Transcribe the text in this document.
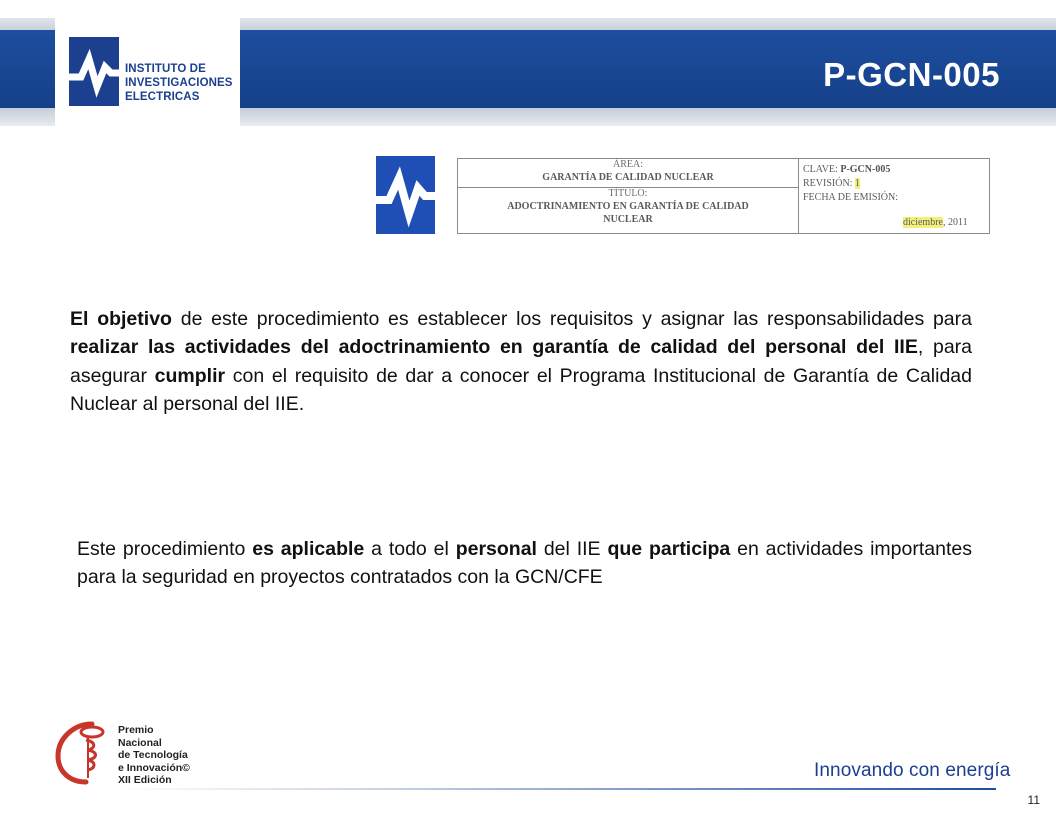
INSTITUTO DE
INVESTIGACIONES
ELECTRICAS
P-GCN-005
ÁREA:
GARANTÍA DE CALIDAD NUCLEAR
TÍTULO:
ADOCTRINAMIENTO EN GARANTÍA DE CALIDAD
NUCLEAR
CLAVE: P-GCN-005
REVISIÓN: 1
FECHA DE EMISIÓN:
diciembre, 2011
El objetivo de este procedimiento es establecer los requisitos y asignar las responsabilidades para realizar las actividades del adoctrinamiento en garantía de calidad del personal del IIE, para asegurar cumplir con el requisito de dar a conocer el Programa Institucional de Garantía de Calidad Nuclear al personal del IIE.
Este procedimiento es aplicable a todo el personal del IIE que participa en actividades importantes para la seguridad en proyectos contratados con la GCN/CFE
Premio
Nacional
de Tecnología
e Innovación©
XII Edición	Innovando con energía
11
